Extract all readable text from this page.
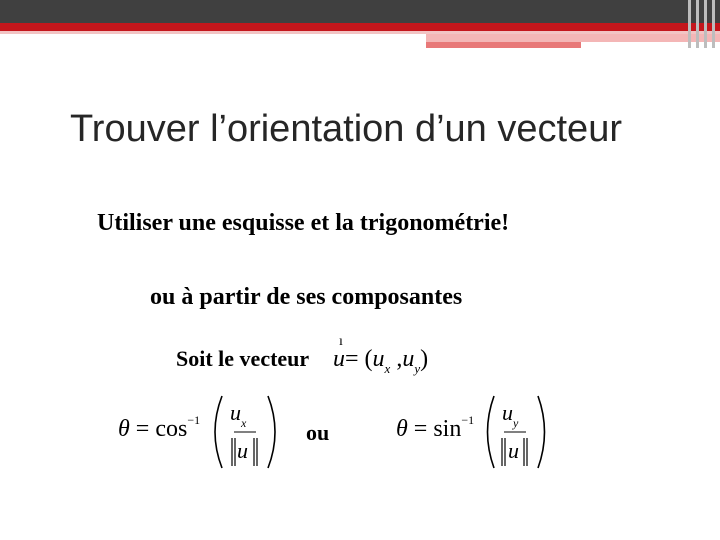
Trouver l’orientation d’un vecteur
Utiliser une esquisse et la trigonométrie!
ou à partir de ses composantes
Soit le vecteur
ı
$u= (u_x$ $,u_y$)
$\theta = \cos^{-1} u_x$
u
ou	$\theta = \sin^{-1} u_y$
u
